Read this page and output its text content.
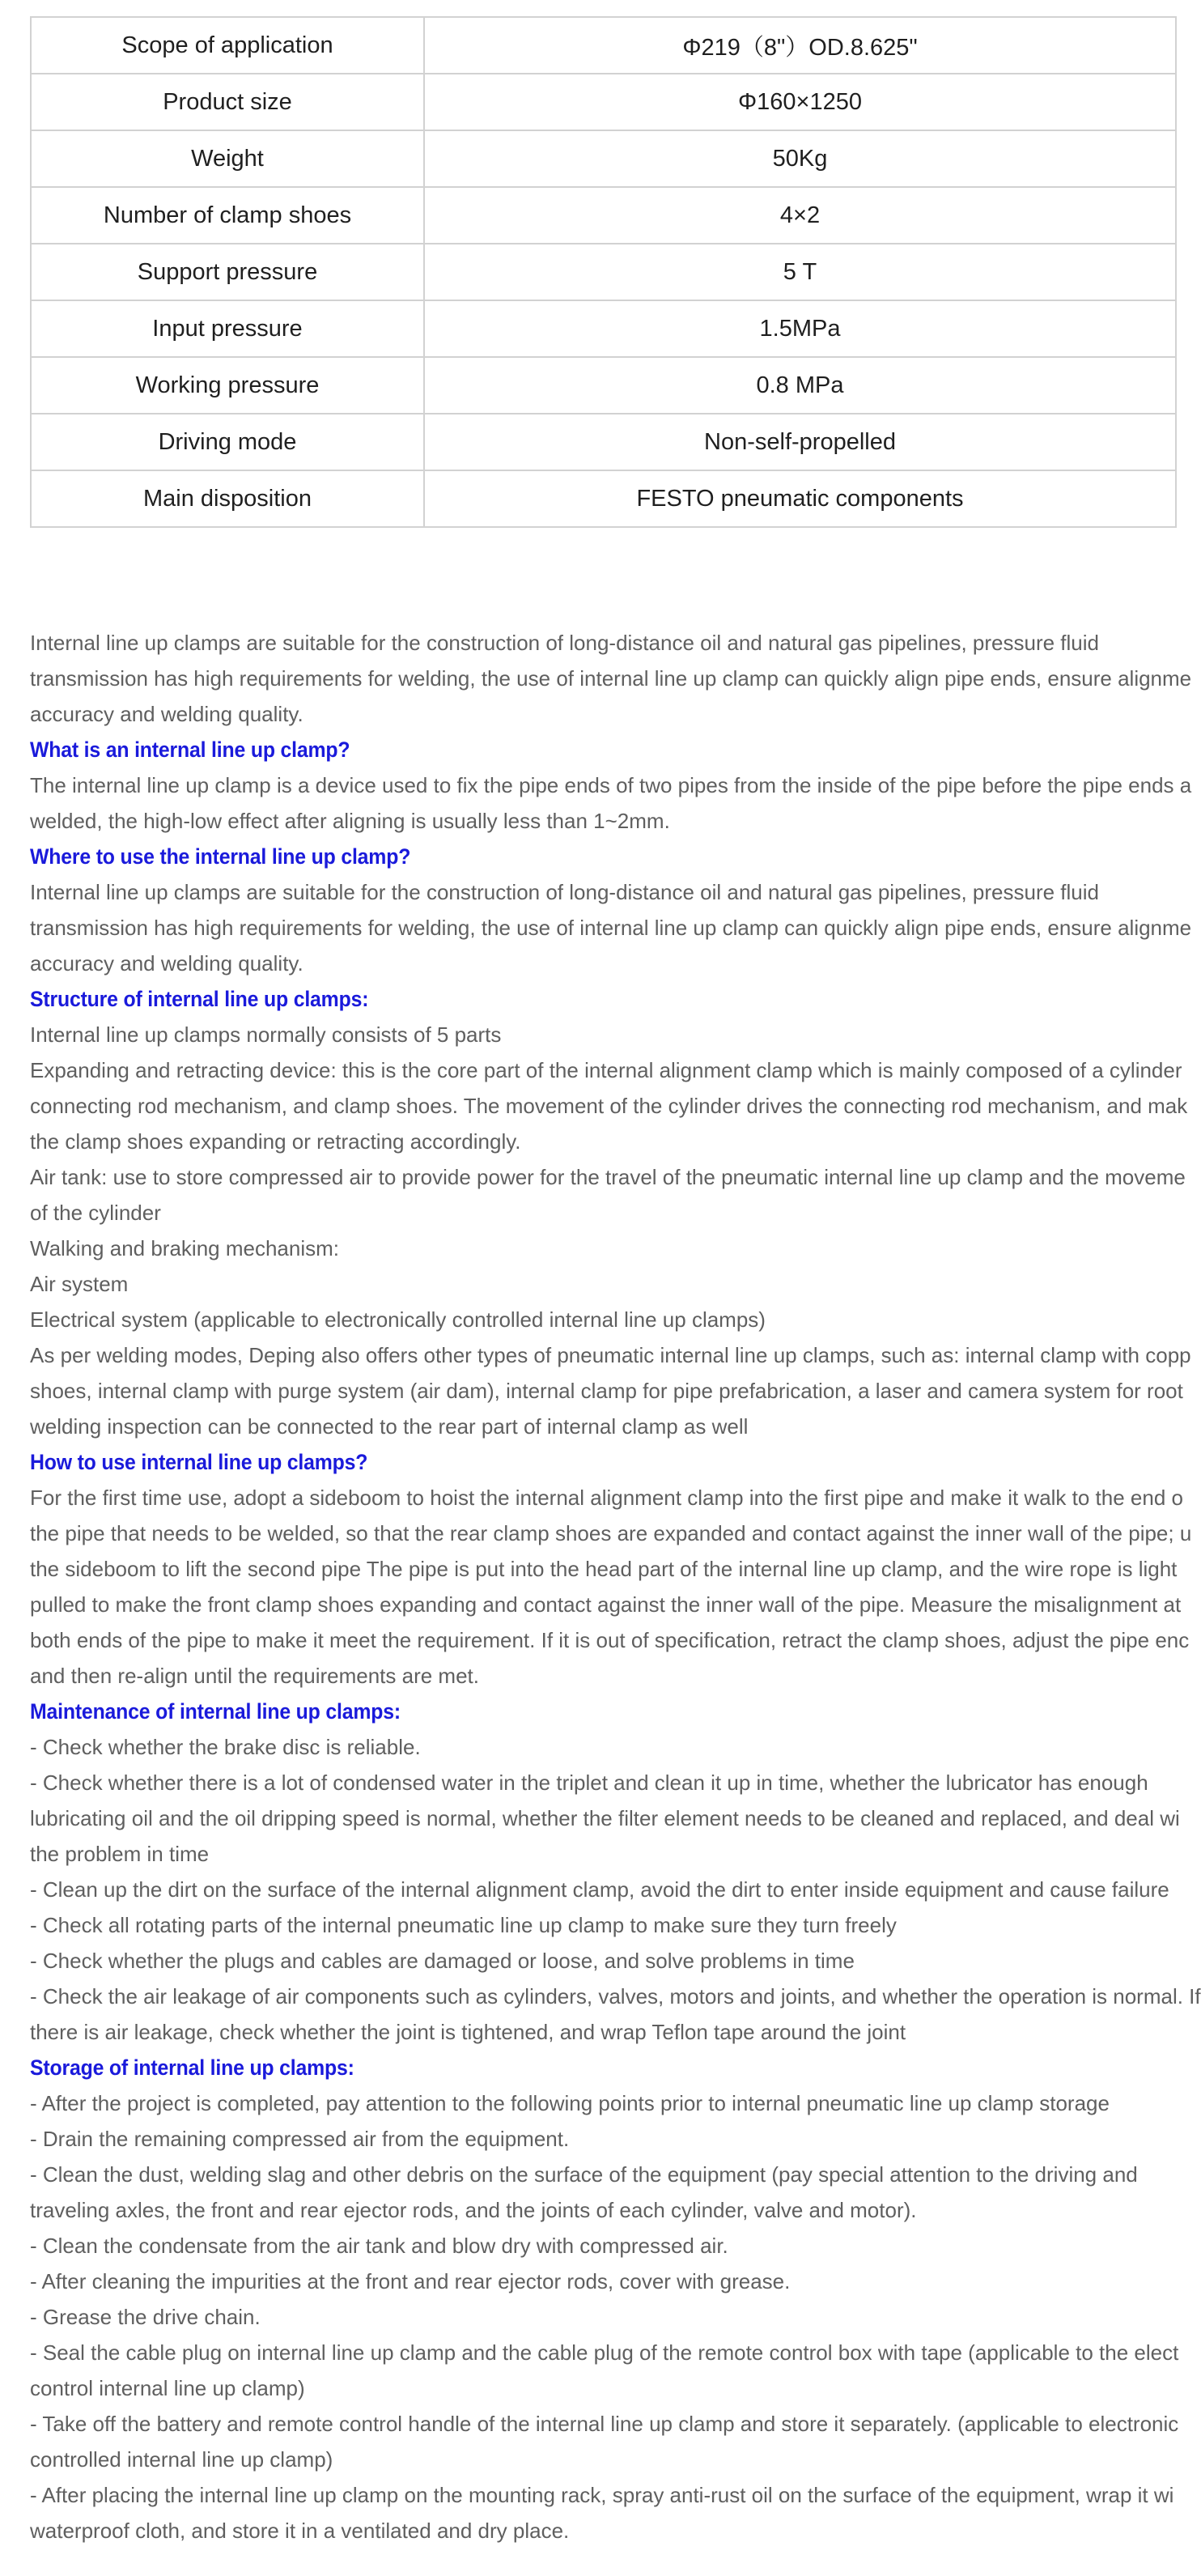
Scope of application	Φ219（8"）OD.8.625"
Product size	Φ160×1250
Weight	50Kg
Number of clamp shoes	4×2
Support pressure	5 T
Input pressure	1.5MPa
Working pressure	0.8 MPa
Driving mode	Non-self-propelled
Main disposition	FESTO pneumatic components
Internal line up clamps are suitable for the construction of long-distance oil and natural gas pipelines, pressure fluid
transmission has high requirements for welding, the use of internal line up clamp can quickly align pipe ends, ensure alignme
accuracy and welding quality.
What is an internal line up clamp?
The internal line up clamp is a device used to fix the pipe ends of two pipes from the inside of the pipe before the pipe ends a
welded, the high-low effect after aligning is usually less than 1~2mm.
Where to use the internal line up clamp?
Internal line up clamps are suitable for the construction of long-distance oil and natural gas pipelines, pressure fluid
transmission has high requirements for welding, the use of internal line up clamp can quickly align pipe ends, ensure alignme
accuracy and welding quality.
Structure of internal line up clamps:
Internal line up clamps normally consists of 5 parts
Expanding and retracting device: this is the core part of the internal alignment clamp which is mainly composed of a cylinder
connecting rod mechanism, and clamp shoes. The movement of the cylinder drives the connecting rod mechanism, and mak
the clamp shoes expanding or retracting accordingly.
Air tank: use to store compressed air to provide power for the travel of the pneumatic internal line up clamp and the moveme
of the cylinder
Walking and braking mechanism:
Air system
Electrical system (applicable to electronically controlled internal line up clamps)
As per welding modes, Deping also offers other types of pneumatic internal line up clamps, such as: internal clamp with copp
shoes, internal clamp with purge system (air dam), internal clamp for pipe prefabrication, a laser and camera system for root
welding inspection can be connected to the rear part of internal clamp as well
How to use internal line up clamps?
For the first time use, adopt a sideboom to hoist the internal alignment clamp into the first pipe and make it walk to the end o
the pipe that needs to be welded, so that the rear clamp shoes are expanded and contact against the inner wall of the pipe; u
the sideboom to lift the second pipe The pipe is put into the head part of the internal line up clamp, and the wire rope is light
pulled to make the front clamp shoes expanding and contact against the inner wall of the pipe. Measure the misalignment at
both ends of the pipe to make it meet the requirement. If it is out of specification, retract the clamp shoes, adjust the pipe enc
and then re-align until the requirements are met.
Maintenance of internal line up clamps:
- Check whether the brake disc is reliable.
- Check whether there is a lot of condensed water in the triplet and clean it up in time, whether the lubricator has enough
lubricating oil and the oil dripping speed is normal, whether the filter element needs to be cleaned and replaced, and deal wi
the problem in time
- Clean up the dirt on the surface of the internal alignment clamp, avoid the dirt to enter inside equipment and cause failure
- Check all rotating parts of the internal pneumatic line up clamp to make sure they turn freely
- Check whether the plugs and cables are damaged or loose, and solve problems in time
- Check the air leakage of air components such as cylinders, valves, motors and joints, and whether the operation is normal. If
there is air leakage, check whether the joint is tightened, and wrap Teflon tape around the joint
Storage of internal line up clamps:
- After the project is completed, pay attention to the following points prior to internal pneumatic line up clamp storage
- Drain the remaining compressed air from the equipment.
- Clean the dust, welding slag and other debris on the surface of the equipment (pay special attention to the driving and
traveling axles, the front and rear ejector rods, and the joints of each cylinder, valve and motor).
- Clean the condensate from the air tank and blow dry with compressed air.
- After cleaning the impurities at the front and rear ejector rods, cover with grease.
- Grease the drive chain.
- Seal the cable plug on internal line up clamp and the cable plug of the remote control box with tape (applicable to the elect
control internal line up clamp)
- Take off the battery and remote control handle of the internal line up clamp and store it separately. (applicable to electronic
controlled internal line up clamp)
- After placing the internal line up clamp on the mounting rack, spray anti-rust oil on the surface of the equipment, wrap it wi
waterproof cloth, and store it in a ventilated and dry place.
